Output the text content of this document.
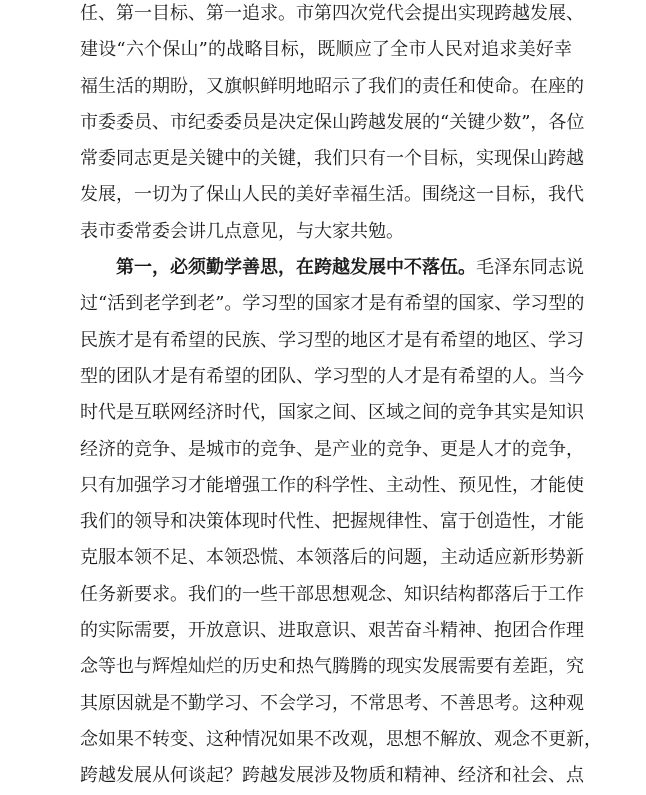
任、第一目标、第一追求。市第四次党代会提出实现跨越发展、
建设“六个保山”的战略目标，既顺应了全市人民对追求美好幸
福生活的期盼，又旗帜鲜明地昭示了我们的责任和使命。在座的
市委委员、市纪委委员是决定保山跨越发展的“关键少数”，各位
常委同志更是关键中的关键，我们只有一个目标，实现保山跨越
发展，一切为了保山人民的美好幸福生活。围绕这一目标，我代
表市委常委会讲几点意见，与大家共勉。
第一，必须勤学善思，在跨越发展中不落伍。毛泽东同志说
过“活到老学到老”。学习型的国家才是有希望的国家、学习型的
民族才是有希望的民族、学习型的地区才是有希望的地区、学习
型的团队才是有希望的团队、学习型的人才是有希望的人。当今
时代是互联网经济时代，国家之间、区域之间的竞争其实是知识
经济的竞争、是城市的竞争、是产业的竞争、更是人才的竞争，
只有加强学习才能增强工作的科学性、主动性、预见性，才能使
我们的领导和决策体现时代性、把握规律性、富于创造性，才能
克服本领不足、本领恐慌、本领落后的问题，主动适应新形势新
任务新要求。我们的一些干部思想观念、知识结构都落后于工作
的实际需要，开放意识、进取意识、艰苦奋斗精神、抱团合作理
念等也与辉煌灿烂的历史和热气腾腾的现实发展需要有差距，究
其原因就是不勤学习、不会学习，不常思考、不善思考。这种观
念如果不转变、这种情况如果不改观，思想不解放、观念不更新，
跨越发展从何谈起？跨越发展涉及物质和精神、经济和社会、点
